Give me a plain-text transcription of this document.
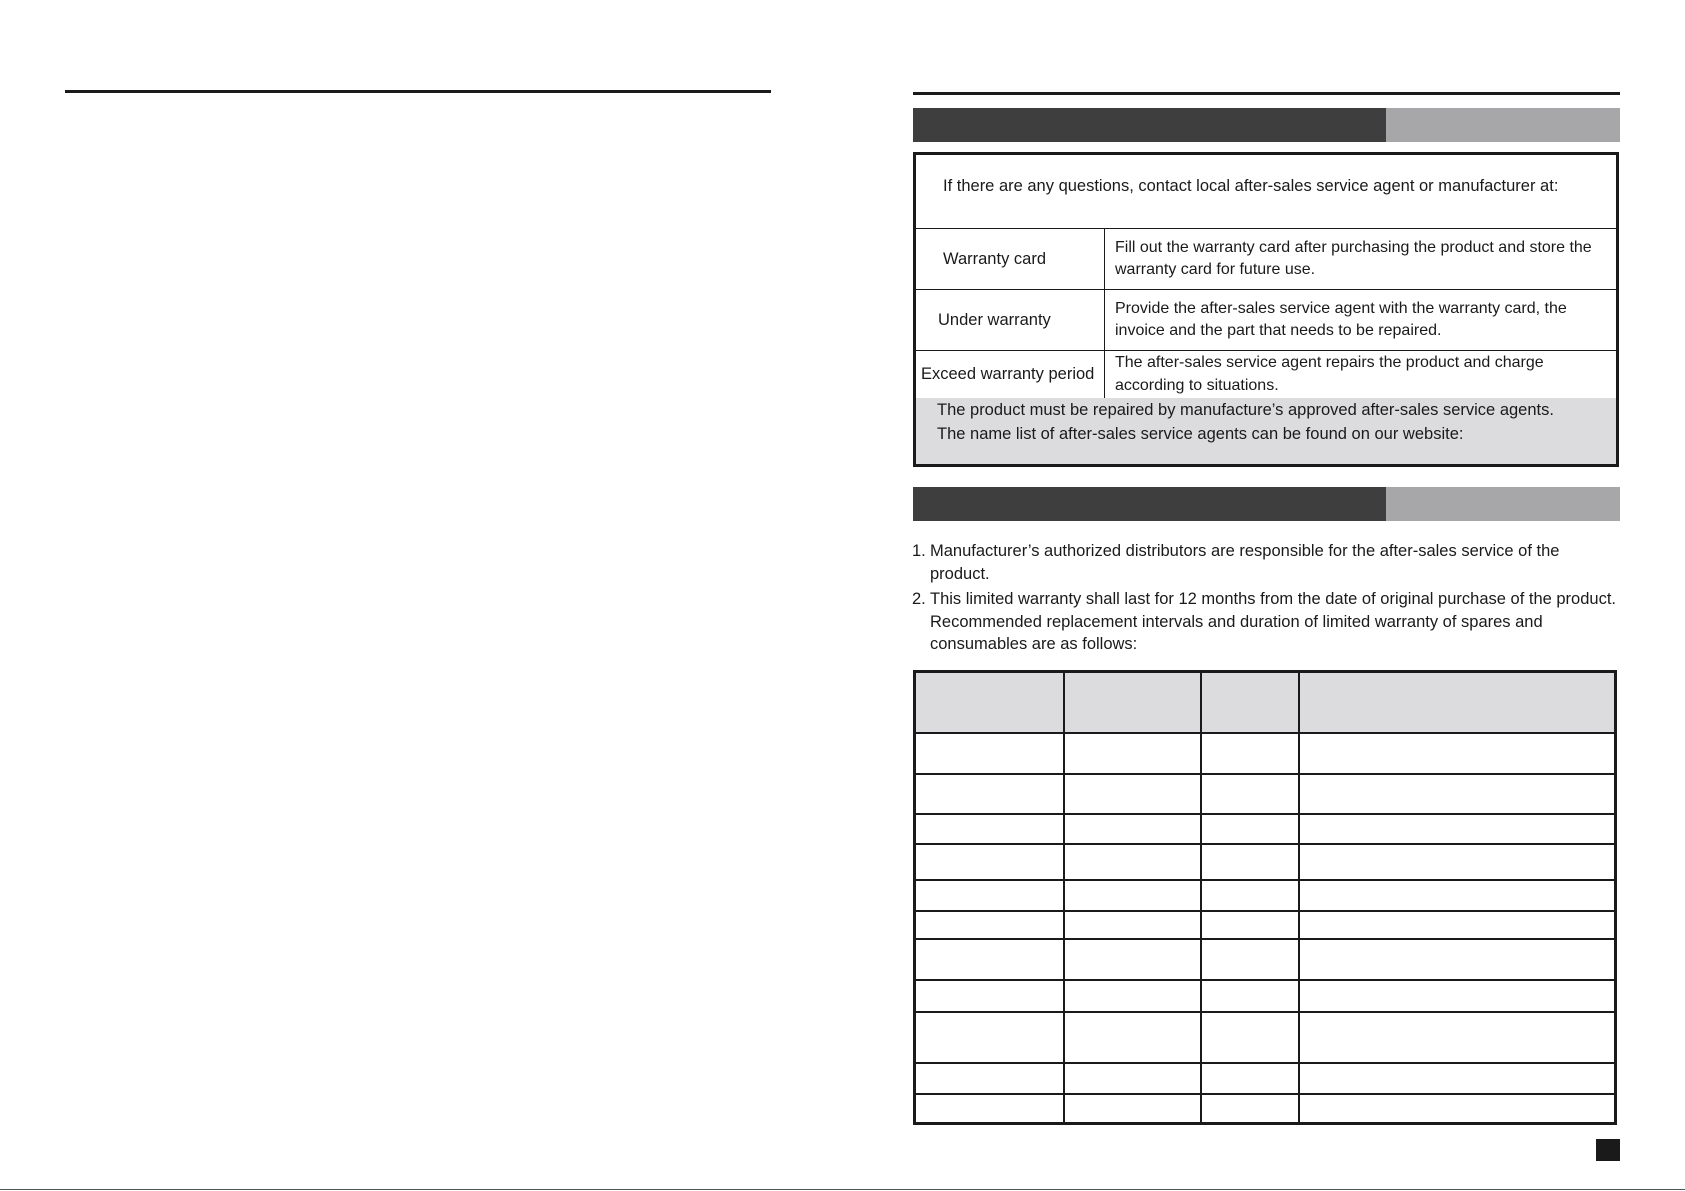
If there are any questions, contact local after-sales service agent or manufacturer at:
Warranty card
Fill out the warranty card after purchasing the product and store the warranty card for future use.
Under warranty
Provide the after-sales service agent with the warranty card, the invoice and the part that needs to be repaired.
Exceed warranty period
The after-sales service agent repairs the product and charge according to situations.
The product must be repaired by manufacture’s approved after-sales service agents.
The name list of after-sales service agents can be found on our website:
1. Manufacturer’s authorized distributors are responsible for the after-sales service of the product.
2. This limited warranty shall last for 12 months from the date of original purchase of the product. Recommended replacement intervals and duration of limited warranty of spares and consumables are as follows:
